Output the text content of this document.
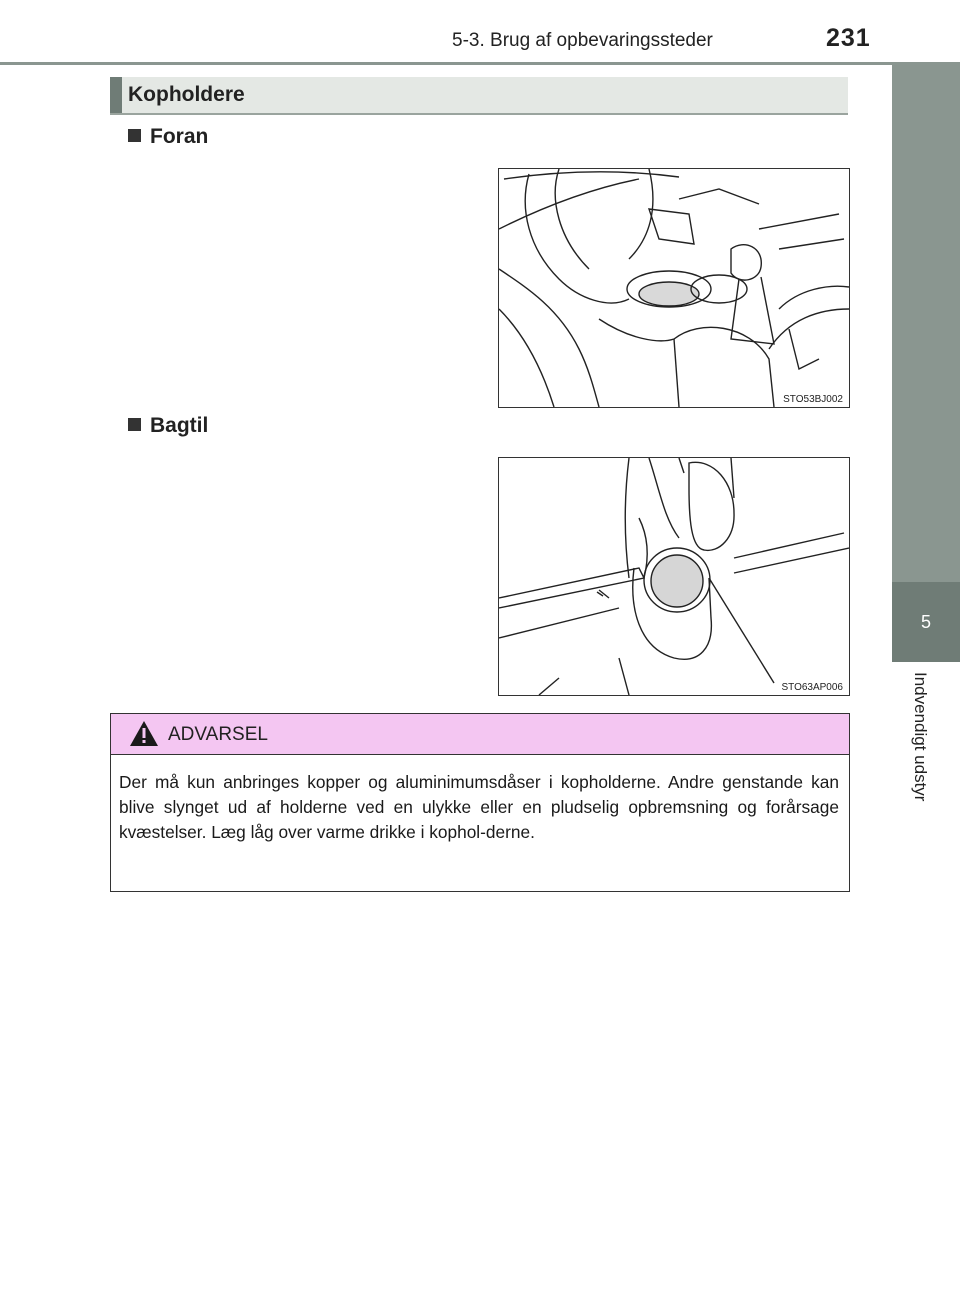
5-3. Brug af opbevaringssteder	231
5
Indvendigt udstyr
Kopholdere
Foran
STO53BJ002
Bagtil
STO63AP006
ADVARSEL
Der må kun anbringes kopper og aluminimumsdåser i kopholderne. Andre genstande kan blive slynget ud af holderne ved en ulykke eller en pludselig opbremsning og forårsage kvæstelser. Læg låg over varme drikke i kophol-derne.
